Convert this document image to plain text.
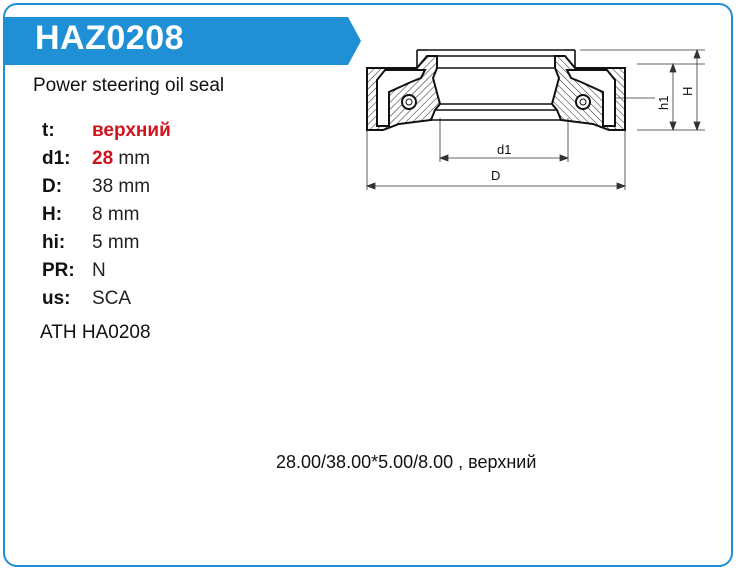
HAZ0208
Power steering oil seal
t:	верхний
d1:	28 mm
D:	38 mm
H:	8 mm
hi:	5 mm
PR: N
us:	SCA
ATH HA0208
28.00/38.00*5.00/8.00 , верхний
d1
D
h1
H
